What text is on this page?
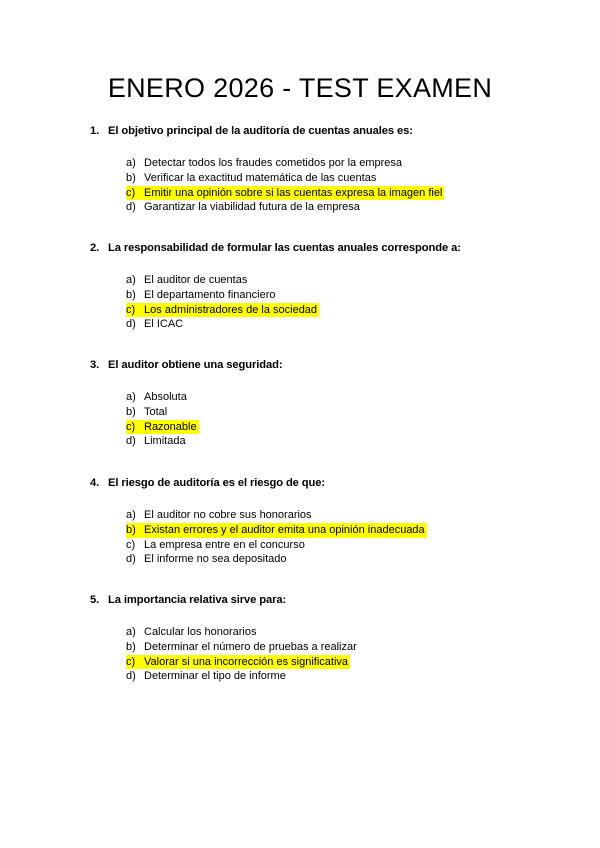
ENERO 2026 - TEST EXAMEN
1. El objetivo principal de la auditoría de cuentas anuales es:
a) Detectar todos los fraudes cometidos por la empresa
b) Verificar la exactitud matemática de las cuentas
c) Emitir una opinión sobre si las cuentas expresa la imagen fiel
d) Garantizar la viabilidad futura de la empresa
2. La responsabilidad de formular las cuentas anuales corresponde a:
a) El auditor de cuentas
b) El departamento financiero
c) Los administradores de la sociedad
d) El ICAC
3. El auditor obtiene una seguridad:
a) Absoluta
b) Total
c) Razonable
d) Limitada
4. El riesgo de auditoría es el riesgo de que:
a) El auditor no cobre sus honorarios
b) Existan errores y el auditor emita una opinión inadecuada
c) La empresa entre en el concurso
d) El informe no sea depositado
5. La importancia relativa sirve para:
a) Calcular los honorarios
b) Determinar el número de pruebas a realizar
c) Valorar si una incorrección es significativa
d) Determinar el tipo de informe
